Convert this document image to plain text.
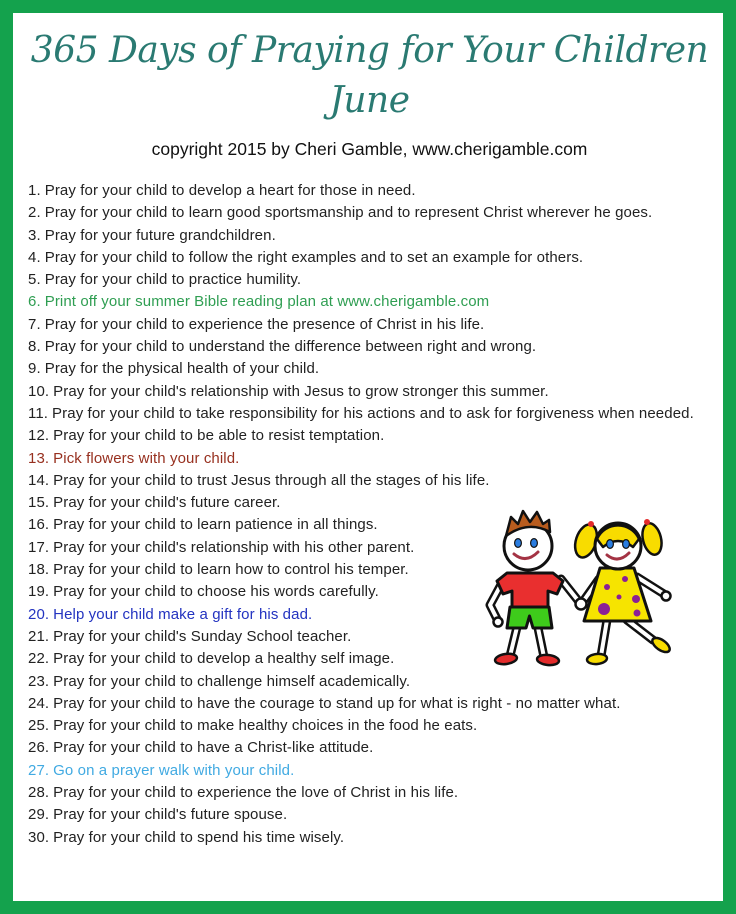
365 Days of Praying for Your Children
June
copyright 2015 by Cheri Gamble, www.cherigamble.com
1. Pray for your child to develop a heart for those in need.
2. Pray for your child to learn good sportsmanship and to represent Christ wherever he goes.
3. Pray for your future grandchildren.
4. Pray for your child to follow the right examples and to set an example for others.
5. Pray for your child to practice humility.
6. Print off your summer Bible reading plan at www.cherigamble.com
7. Pray for your child to experience the presence of Christ in his life.
8. Pray for your child to understand the difference between right and wrong.
9. Pray for the physical health of your child.
10. Pray for your child's relationship with Jesus to grow stronger this summer.
11. Pray for your child to take responsibility for his actions and to ask for forgiveness when needed.
12. Pray for your child to be able to resist temptation.
13. Pick flowers with your child.
14. Pray for your child to trust Jesus through all the stages of his life.
15. Pray for your child's future career.
16. Pray for your child to learn patience in all things.
17. Pray for your child's relationship with his other parent.
18. Pray for your child to learn how to control his temper.
19. Pray for your child to choose his words carefully.
20. Help your child make a gift for his dad.
21. Pray for your child's Sunday School teacher.
22. Pray for your child to develop a healthy self image.
23. Pray for your child to challenge himself academically.
24. Pray for your child to have the courage to stand up for what is right - no matter what.
25. Pray for your child to make healthy choices in the food he eats.
26. Pray for your child to have a Christ-like attitude.
27. Go on a prayer walk with your child.
28. Pray for your child to experience the love of Christ in his life.
29. Pray for your child's future spouse.
30. Pray for your child to spend his time wisely.
